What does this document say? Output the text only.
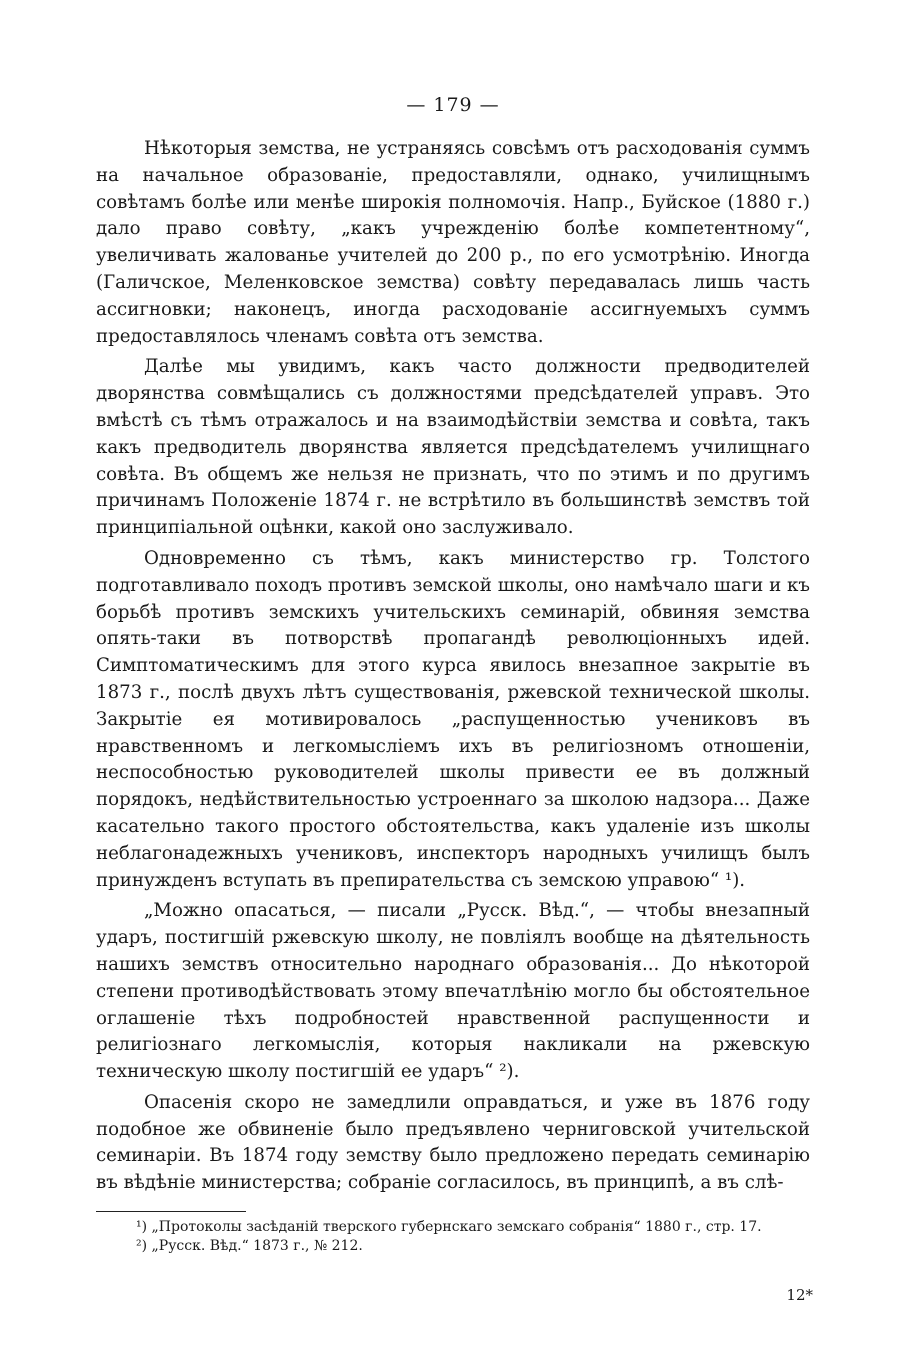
— 179 —

Нѣкоторыя земства, не устраняясь совсѣмъ отъ расходованія суммъ на начальное образованіе, предоставляли, однако, училищнымъ совѣтамъ болѣе или менѣе широкія полномочія. Напр., Буйское (1880 г.) дало право совѣту, „какъ учрежденію болѣе компетентному“, увеличивать жалованье учителей до 200 р., по его усмотрѣнію. Иногда (Галичское, Меленковское земства) совѣту передавалась лишь часть ассигновки; наконецъ, иногда расходованіе ассигнуемыхъ суммъ предоставлялось членамъ совѣта отъ земства.

Далѣе мы увидимъ, какъ часто должности предводителей дворянства совмѣщались съ должностями предсѣдателей управъ. Это вмѣстѣ съ тѣмъ отражалось и на взаимодѣйствіи земства и совѣта, такъ какъ предводитель дворянства является предсѣдателемъ училищнаго совѣта. Въ общемъ же нельзя не признать, что по этимъ и по другимъ причинамъ Положеніе 1874 г. не встрѣтило въ большинствѣ земствъ той принципіальной оцѣнки, какой оно заслуживало.

Одновременно съ тѣмъ, какъ министерство гр. Толстого подготавливало походъ противъ земской школы, оно намѣчало шаги и къ борьбѣ противъ земскихъ учительскихъ семинарій, обвиняя земства опять-таки въ потворствѣ пропагандѣ революціонныхъ идей. Симптоматическимъ для этого курса явилось внезапное закрытіе въ 1873 г., послѣ двухъ лѣтъ существованія, ржевской технической школы. Закрытіе ея мотивировалось „распущенностью учениковъ въ нравственномъ и легкомысліемъ ихъ въ религіозномъ отношеніи, неспособностью руководителей школы привести ее въ должный порядокъ, недѣйствительностью устроеннаго за школою надзора... Даже касательно такого простого обстоятельства, какъ удаленіе изъ школы неблагонадежныхъ учениковъ, инспекторъ народныхъ училищъ былъ принужденъ вступать въ препирательства съ земскою управою“ ¹).

„Можно опасаться, — писали „Русск. Вѣд.“, — чтобы внезапный ударъ, постигшій ржевскую школу, не повліялъ вообще на дѣятельность нашихъ земствъ относительно народнаго образованія... До нѣкоторой степени противодѣйствовать этому впечатлѣнію могло бы обстоятельное оглашеніе тѣхъ подробностей нравственной распущенности и религіознаго легкомыслія, которыя накликали на ржевскую техническую школу постигшій ее ударъ“ ²).

Опасенія скоро не замедлили оправдаться, и уже въ 1876 году подобное же обвиненіе было предъявлено черниговской учительской семинаріи. Въ 1874 году земству было предложено передать семинарію въ вѣдѣніе министерства; собраніе согласилось, въ принципѣ, а въ слѣ-

¹) „Протоколы засѣданій тверского губернскаго земскаго собранія“ 1880 г., стр. 17.

²) „Русск. Вѣд.“ 1873 г., № 212.

12*
